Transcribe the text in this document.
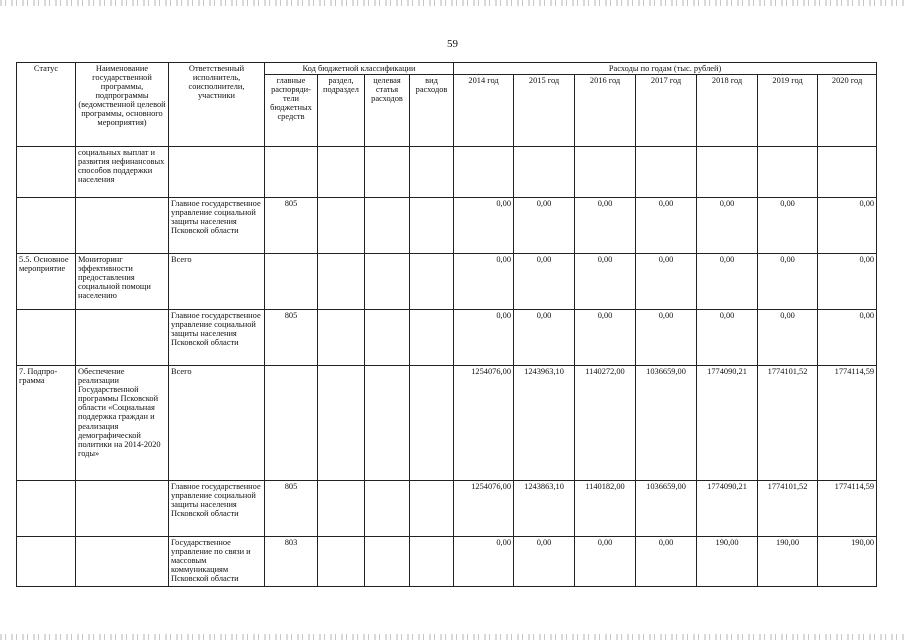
59
Статус	Наименование государственной программы, подпрограммы (ведомственной целевой программы, основного мероприятия)	Ответственный исполнитель, соисполнители, участники	Код бюджетной классификации				Расходы по годам (тыс. рублей)						
			главные распоряди-тели бюджетных средств	раздел, подраздел	целевая статья расходов	вид расходов	2014 год	2015 год	2016 год	2017 год	2018 год	2019 год	2020 год
	социальных выплат и развития нефинансовых способов поддержки населения												
		Главное государственное управление социальной защиты населения Псковской области	805				0,00	0,00	0,00	0,00	0,00	0,00	0,00
5.5. Основное мероприятие	Мониторинг эффективности предоставления социальной помощи населению	Всего					0,00	0,00	0,00	0,00	0,00	0,00	0,00
		Главное государственное управление социальной защиты населения Псковской области	805				0,00	0,00	0,00	0,00	0,00	0,00	0,00
7. Подпро-грамма	Обеспечение реализации Государственной программы Псковской области «Социальная поддержка граждан и реализация демографической политики на 2014-2020 годы»	Всего					1254076,00	1243963,10	1140272,00	1036659,00	1774090,21	1774101,52	1774114,59
		Главное государственное управление социальной защиты населения Псковской области	805				1254076,00	1243863,10	1140182,00	1036659,00	1774090,21	1774101,52	1774114,59
		Государственное управление по связи и массовым коммуникациям Псковской области	803				0,00	0,00	0,00	0,00	190,00	190,00	190,00
